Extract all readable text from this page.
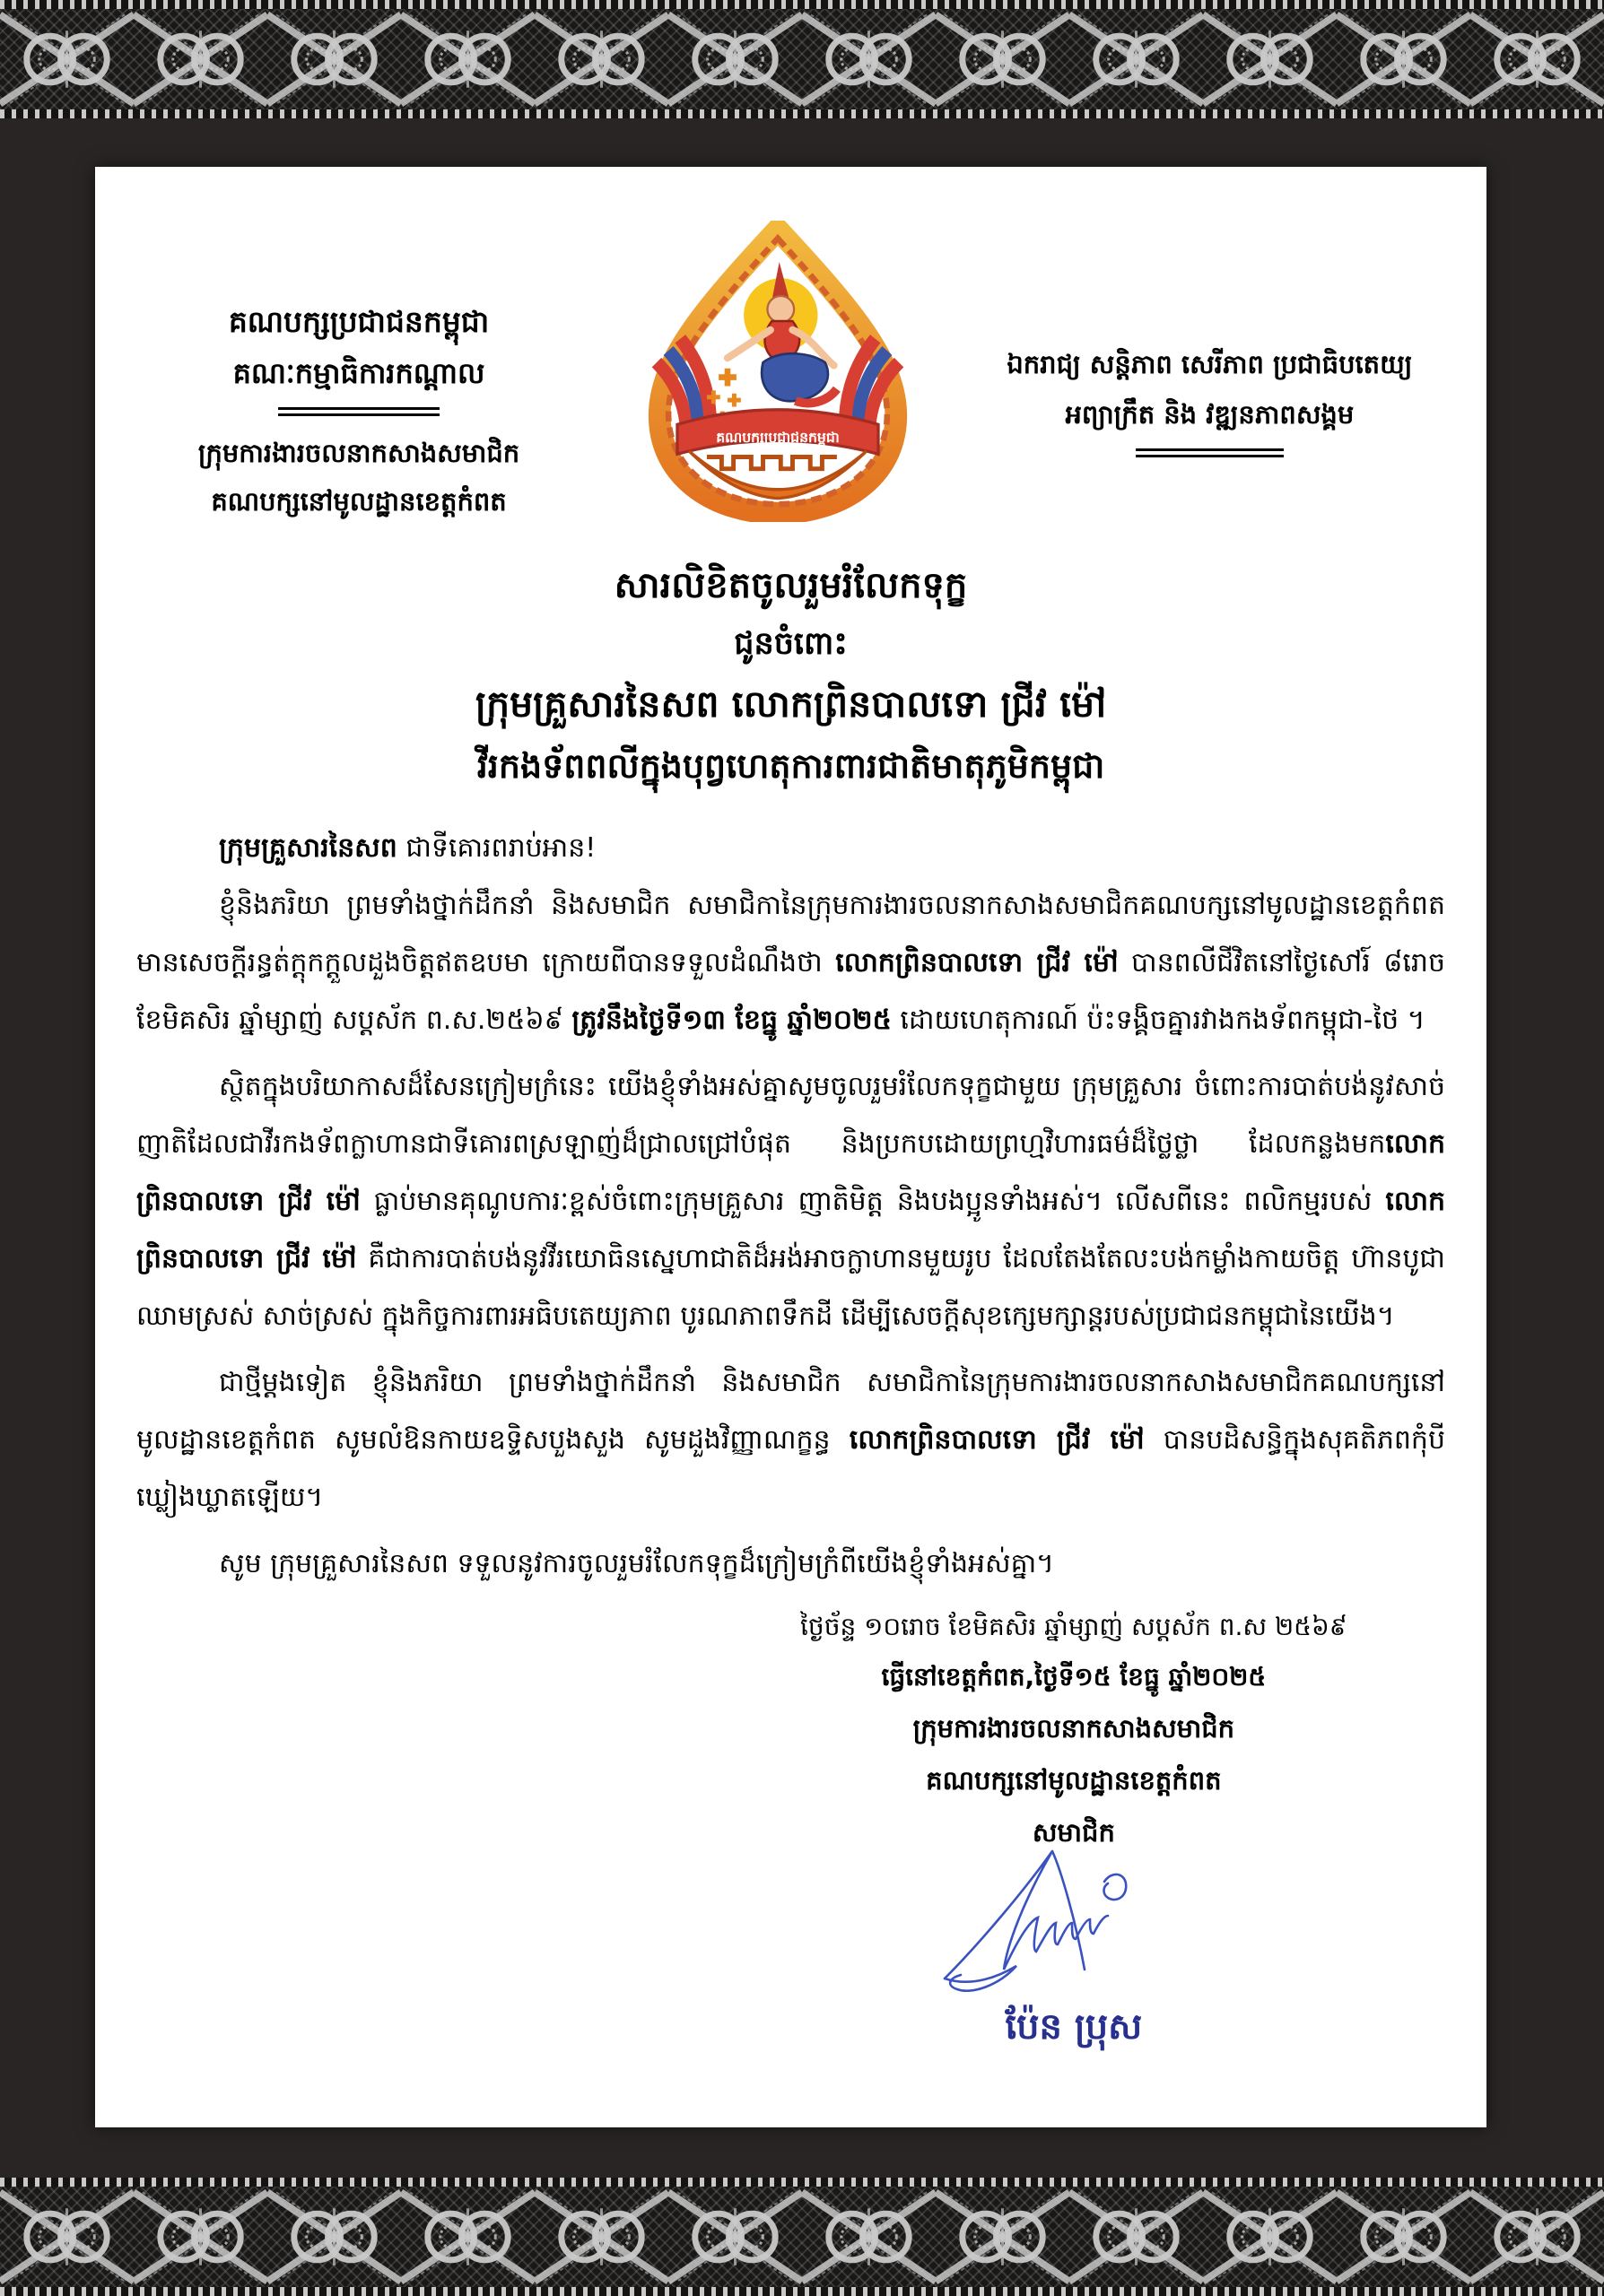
គណបក្សប្រជាជនកម្ពុជា
គណៈកម្មាធិការកណ្តាល
ក្រុមការងារចលនាកសាងសមាជិក
គណបក្សនៅមូលដ្ឋានខេត្តកំពត
គណបក្សប្រជាជនកម្ពុជា
ឯករាជ្យ សន្តិភាព សេរីភាព ប្រជាធិបតេយ្យ
អព្យាក្រឹត និង វឌ្ឍនភាពសង្គម
សារលិខិតចូលរួមរំលែកទុក្ខ
ជូនចំពោះ
ក្រុមគ្រួសារនៃសព លោកព្រិនបាលទោ ជ្រីវ ម៉ៅ
វីរកងទ័ពពលីក្នុងបុព្វហេតុការពារជាតិមាតុភូមិកម្ពុជា

ក្រុមគ្រួសារនៃសព ជាទីគោរពរាប់អាន!

ខ្ញុំនិងភរិយា ព្រមទាំងថ្នាក់ដឹកនាំ និងសមាជិក សមាជិកានៃក្រុមការងារចលនាកសាងសមាជិកគណបក្សនៅមូលដ្ឋានខេត្តកំពត មានសេចក្តីរន្ធត់ក្តុកក្តួលដួងចិត្តឥតឧបមា ក្រោយពីបានទទួលដំណឹងថា លោកព្រិនបាលទោ ជ្រីវ ម៉ៅ បានពលីជីវិតនៅថ្ងៃសៅរ៍ ៨រោច ខែមិគសិរ ឆ្នាំម្សាញ់ សប្តស័ក ព.ស.២៥៦៩ ត្រូវនឹងថ្ងៃទី១៣ ខែធ្នូ ឆ្នាំ២០២៥ ដោយហេតុការណ៍ ប៉ះទង្គិចគ្នារវាងកងទ័ពកម្ពុជា-ថៃ ។

ស្ថិតក្នុងបរិយាកាសដ៏សែនក្រៀមក្រំនេះ យើងខ្ញុំទាំងអស់គ្នាសូមចូលរួមរំលែកទុក្ខជាមួយ ក្រុមគ្រួសារ ចំពោះការបាត់បង់នូវសាច់ញាតិដែលជាវីរកងទ័ពក្លាហានជាទីគោរពស្រឡាញ់ដ៏ជ្រាលជ្រៅបំផុត និងប្រកបដោយព្រហ្មវិហារធម៌ដ៏ថ្លៃថ្លា ដែលកន្លងមកលោកព្រិនបាលទោ ជ្រីវ ម៉ៅ ធ្លាប់មានគុណូបការៈខ្ពស់ចំពោះក្រុមគ្រួសារ ញាតិមិត្ត និងបងប្អូនទាំងអស់។ លើសពីនេះ ពលិកម្មរបស់ លោកព្រិនបាលទោ ជ្រីវ ម៉ៅ គឺជាការបាត់បង់នូវវីរយោធិនស្នេហាជាតិដ៏អង់អាចក្លាហានមួយរូប ដែលតែងតែលះបង់កម្លាំងកាយចិត្ត ហ៊ានបូជាឈាមស្រស់ សាច់ស្រស់ ក្នុងកិច្ចការពារអធិបតេយ្យភាព បូរណភាពទឹកដី ដើម្បីសេចក្តីសុខក្សេមក្សាន្តរបស់ប្រជាជនកម្ពុជានៃយើង។

ជាថ្មីម្តងទៀត ខ្ញុំនិងភរិយា ព្រមទាំងថ្នាក់ដឹកនាំ និងសមាជិក សមាជិកានៃក្រុមការងារចលនាកសាងសមាជិកគណបក្សនៅមូលដ្ឋានខេត្តកំពត សូមលំឱនកាយឧទ្ទិសបួងសួង សូមដួងវិញ្ញាណក្ខន្ធ លោកព្រិនបាលទោ ជ្រីវ ម៉ៅ បានបដិសន្ធិក្នុងសុគតិភពកុំបីឃ្លៀងឃ្លាតឡើយ។

សូម ក្រុមគ្រួសារនៃសព ទទួលនូវការចូលរួមរំលែកទុក្ខដ៏ក្រៀមក្រំពីយើងខ្ញុំទាំងអស់គ្នា។

ថ្ងៃច័ន្ទ ១០រោច ខែមិគសិរ ឆ្នាំម្សាញ់ សប្តស័ក ព.ស ២៥៦៩
ធ្វើនៅខេត្តកំពត,ថ្ងៃទី១៥ ខែធ្នូ ឆ្នាំ២០២៥
ក្រុមការងារចលនាកសាងសមាជិក
គណបក្សនៅមូលដ្ឋានខេត្តកំពត
សមាជិក
ប៉ែន ប្រុស
